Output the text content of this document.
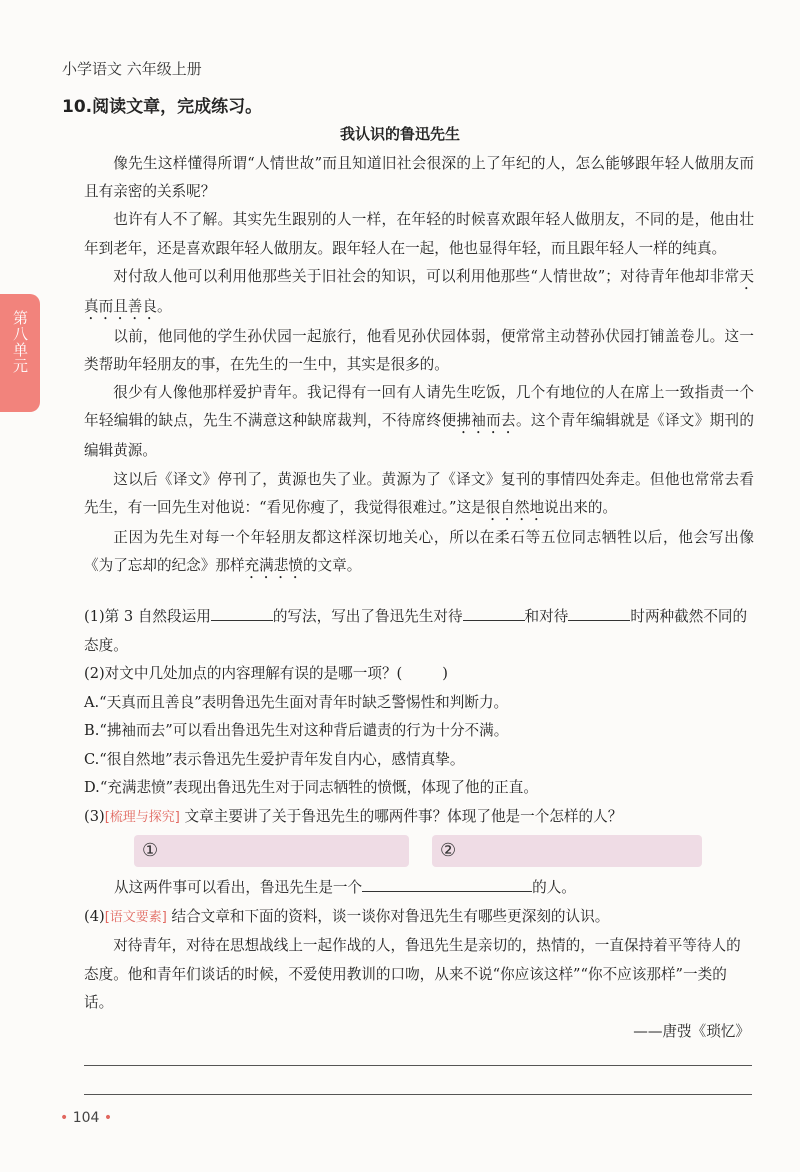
小学语文 六年级上册
第八单元
10.阅读文章，完成练习。
我认识的鲁迅先生

像先生这样懂得所谓“人情世故”而且知道旧社会很深的上了年纪的人，怎么能够跟年轻人做朋友而且有亲密的关系呢？

也许有人不了解。其实先生跟别的人一样，在年轻的时候喜欢跟年轻人做朋友，不同的是，他由壮年到老年，还是喜欢跟年轻人做朋友。跟年轻人在一起，他也显得年轻，而且跟年轻人一样的纯真。

对付敌人他可以利用他那些关于旧社会的知识，可以利用他那些“人情世故”；对待青年他却非常天真而且善良。

以前，他同他的学生孙伏园一起旅行，他看见孙伏园体弱，便常常主动替孙伏园打铺盖卷儿。这一类帮助年轻朋友的事，在先生的一生中，其实是很多的。

很少有人像他那样爱护青年。我记得有一回有人请先生吃饭，几个有地位的人在席上一致指责一个年轻编辑的缺点，先生不满意这种缺席裁判，不待席终便拂袖而去。这个青年编辑就是《译文》期刊的编辑黄源。

这以后《译文》停刊了，黄源也失了业。黄源为了《译文》复刊的事情四处奔走。但他也常常去看先生，有一回先生对他说：“看见你瘦了，我觉得很难过。”这是很自然地说出来的。

正因为先生对每一个年轻朋友都这样深切地关心，所以在柔石等五位同志牺牲以后，他会写出像《为了忘却的纪念》那样充满悲愤的文章。

(1)第 3 自然段运用	的写法，写出了鲁迅先生对待	和对待	时两种截然不同的态度。

(2)对文中几处加点的内容理解有误的是哪一项？(	)

A.“天真而且善良”表明鲁迅先生面对青年时缺乏警惕性和判断力。

B.“拂袖而去”可以看出鲁迅先生对这种背后谴责的行为十分不满。

C.“很自然地”表示鲁迅先生爱护青年发自内心，感情真挚。

D.“充满悲愤”表现出鲁迅先生对于同志牺牲的愤慨，体现了他的正直。

(3)[梳理与探究] 文章主要讲了关于鲁迅先生的哪两件事？体现了他是一个怎样的人？

①	②

从这两件事可以看出，鲁迅先生是一个	的人。

(4)[语文要素] 结合文章和下面的资料，谈一谈你对鲁迅先生有哪些更深刻的认识。

对待青年，对待在思想战线上一起作战的人，鲁迅先生是亲切的，热情的，一直保持着平等待人的态度。他和青年们谈话的时候，不爱使用教训的口吻，从来不说“你应该这样”“你不应该那样”一类的话。

——唐弢《琐忆》
• 104 •
